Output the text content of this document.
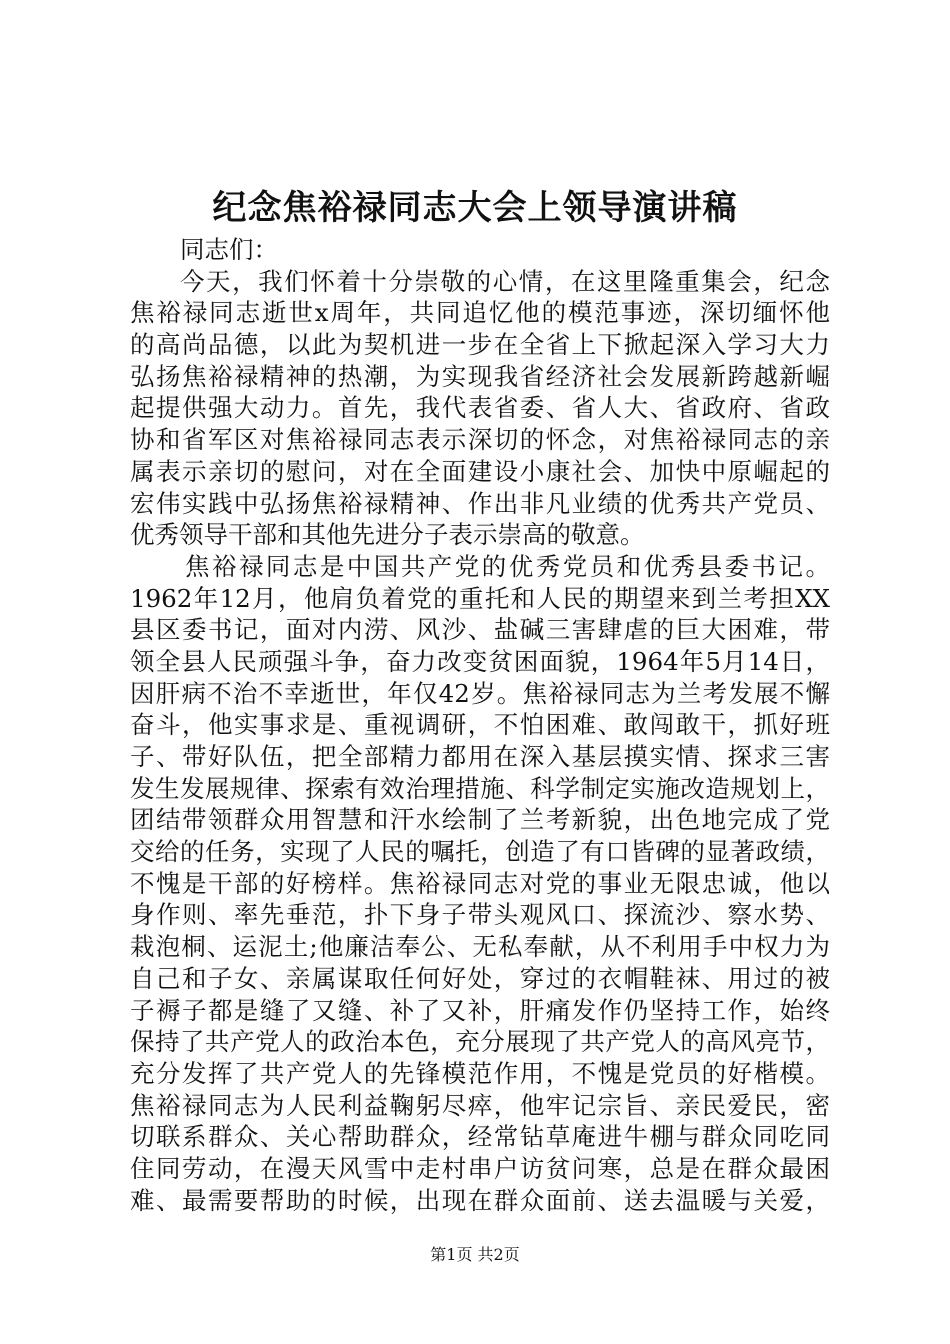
纪念焦裕禄同志大会上领导演讲稿
同志们：
今天，我们怀着十分崇敬的心情，在这里隆重集会，纪念
焦裕禄同志逝世x周年，共同追忆他的模范事迹，深切缅怀他
的高尚品德，以此为契机进一步在全省上下掀起深入学习大力
弘扬焦裕禄精神的热潮，为实现我省经济社会发展新跨越新崛
起提供强大动力。首先，我代表省委、省人大、省政府、省政
协和省军区对焦裕禄同志表示深切的怀念，对焦裕禄同志的亲
属表示亲切的慰问，对在全面建设小康社会、加快中原崛起的
宏伟实践中弘扬焦裕禄精神、作出非凡业绩的优秀共产党员、
优秀领导干部和其他先进分子表示崇高的敬意。
焦裕禄同志是中国共产党的优秀党员和优秀县委书记。
1962年12月，他肩负着党的重托和人民的期望来到兰考担XX
县区委书记，面对内涝、风沙、盐碱三害肆虐的巨大困难，带
领全县人民顽强斗争，奋力改变贫困面貌，1964年5月14日，
因肝病不治不幸逝世，年仅42岁。焦裕禄同志为兰考发展不懈
奋斗，他实事求是、重视调研，不怕困难、敢闯敢干，抓好班
子、带好队伍，把全部精力都用在深入基层摸实情、探求三害
发生发展规律、探索有效治理措施、科学制定实施改造规划上，
团结带领群众用智慧和汗水绘制了兰考新貌，出色地完成了党
交给的任务，实现了人民的嘱托，创造了有口皆碑的显著政绩，
不愧是干部的好榜样。焦裕禄同志对党的事业无限忠诚，他以
身作则、率先垂范，扑下身子带头观风口、探流沙、察水势、
栽泡桐、运泥土;他廉洁奉公、无私奉献，从不利用手中权力为
自己和子女、亲属谋取任何好处，穿过的衣帽鞋袜、用过的被
子褥子都是缝了又缝、补了又补，肝痛发作仍坚持工作，始终
保持了共产党人的政治本色，充分展现了共产党人的高风亮节，
充分发挥了共产党人的先锋模范作用，不愧是党员的好楷模。
焦裕禄同志为人民利益鞠躬尽瘁，他牢记宗旨、亲民爱民，密
切联系群众、关心帮助群众，经常钻草庵进牛棚与群众同吃同
住同劳动，在漫天风雪中走村串户访贫问寒，总是在群众最困
难、最需要帮助的时候，出现在群众面前、送去温暖与关爱，
第1页 共2页
